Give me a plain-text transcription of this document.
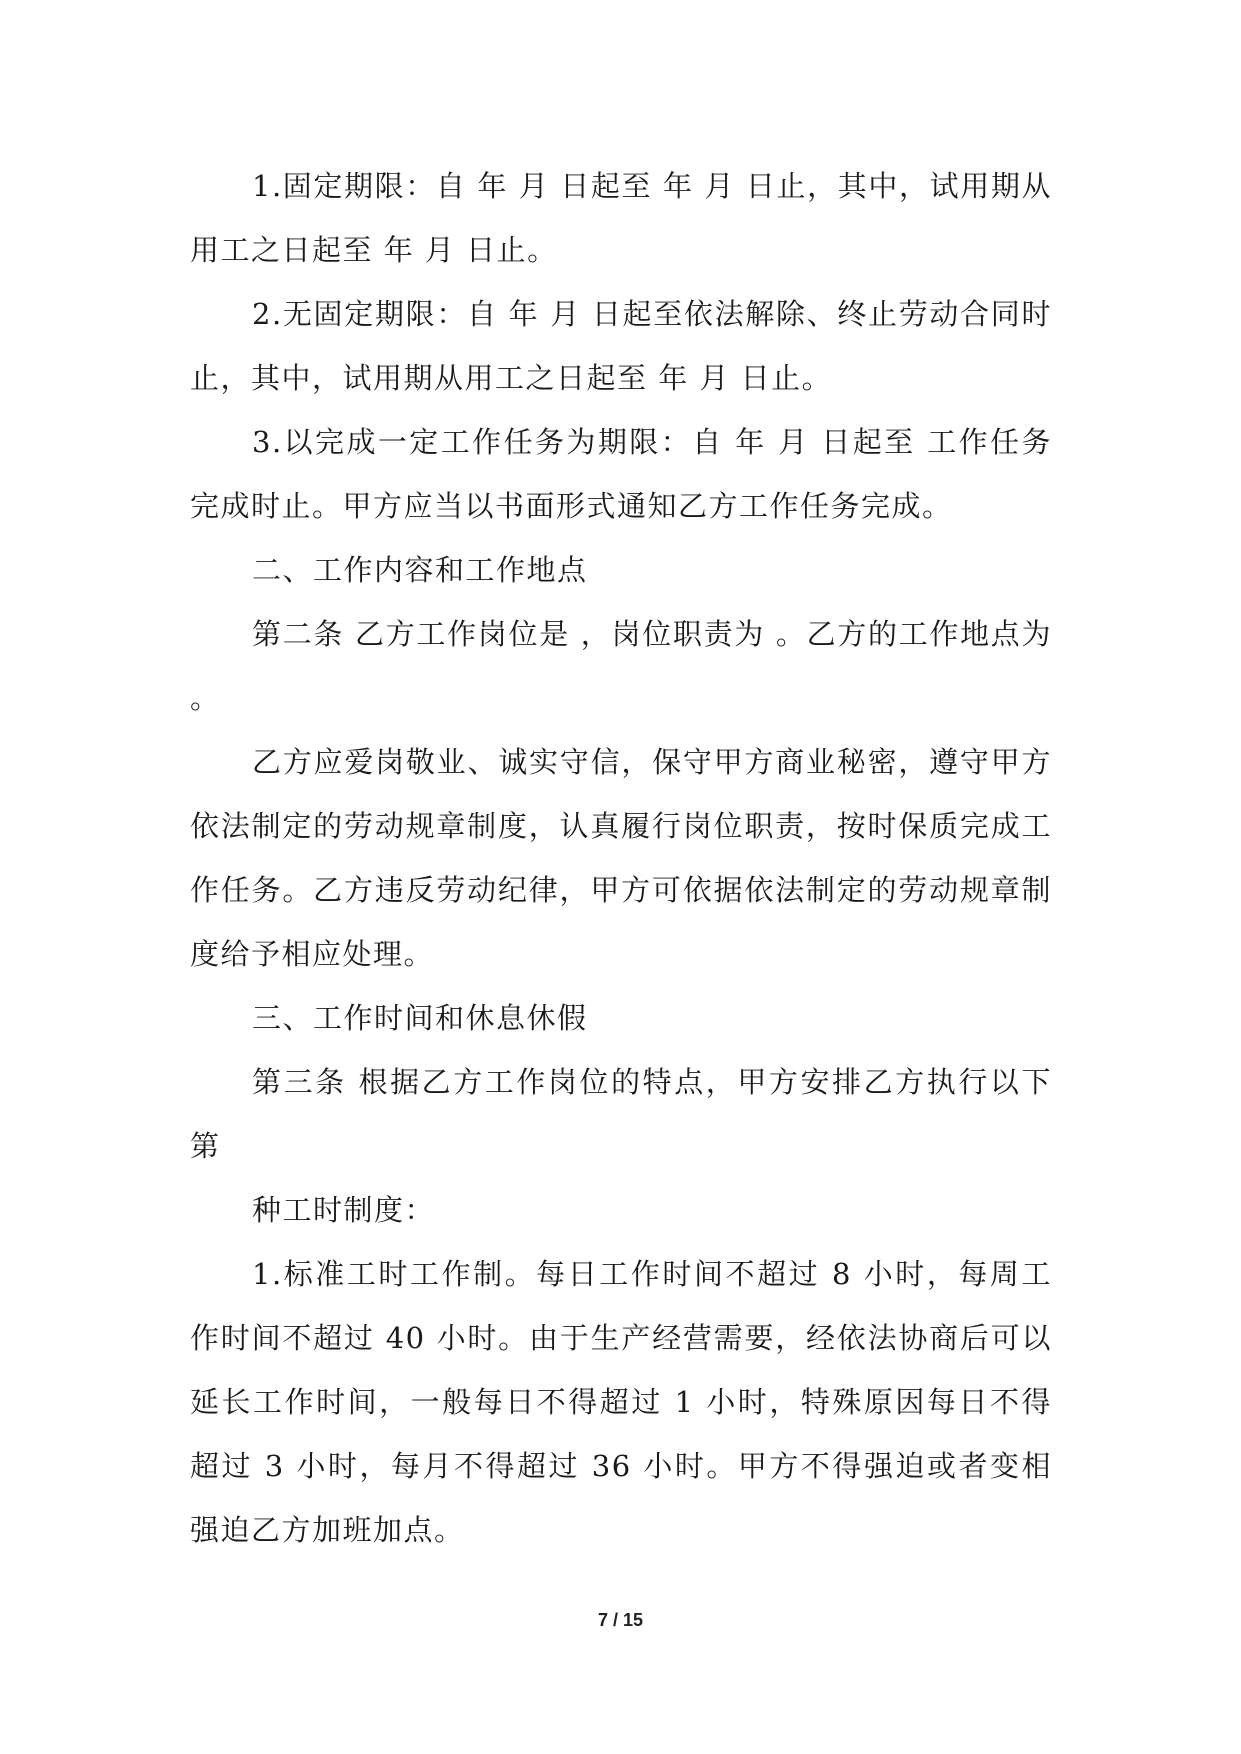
1.固定期限：自 年 月 日起至 年 月 日止，其中，试用期从用工之日起至 年 月 日止。

2.无固定期限：自 年 月 日起至依法解除、终止劳动合同时止，其中，试用期从用工之日起至 年 月 日止。

3.以完成一定工作任务为期限：自 年 月 日起至 工作任务完成时止。甲方应当以书面形式通知乙方工作任务完成。

二、工作内容和工作地点

第二条 乙方工作岗位是 ，岗位职责为 。乙方的工作地点为 。

乙方应爱岗敬业、诚实守信，保守甲方商业秘密，遵守甲方依法制定的劳动规章制度，认真履行岗位职责，按时保质完成工作任务。乙方违反劳动纪律，甲方可依据依法制定的劳动规章制度给予相应处理。

三、工作时间和休息休假

第三条 根据乙方工作岗位的特点，甲方安排乙方执行以下第

种工时制度：

1.标准工时工作制。每日工作时间不超过 8 小时，每周工作时间不超过 40 小时。由于生产经营需要，经依法协商后可以延长工作时间，一般每日不得超过 1 小时，特殊原因每日不得超过 3 小时，每月不得超过 36 小时。甲方不得强迫或者变相强迫乙方加班加点。

7 / 15
